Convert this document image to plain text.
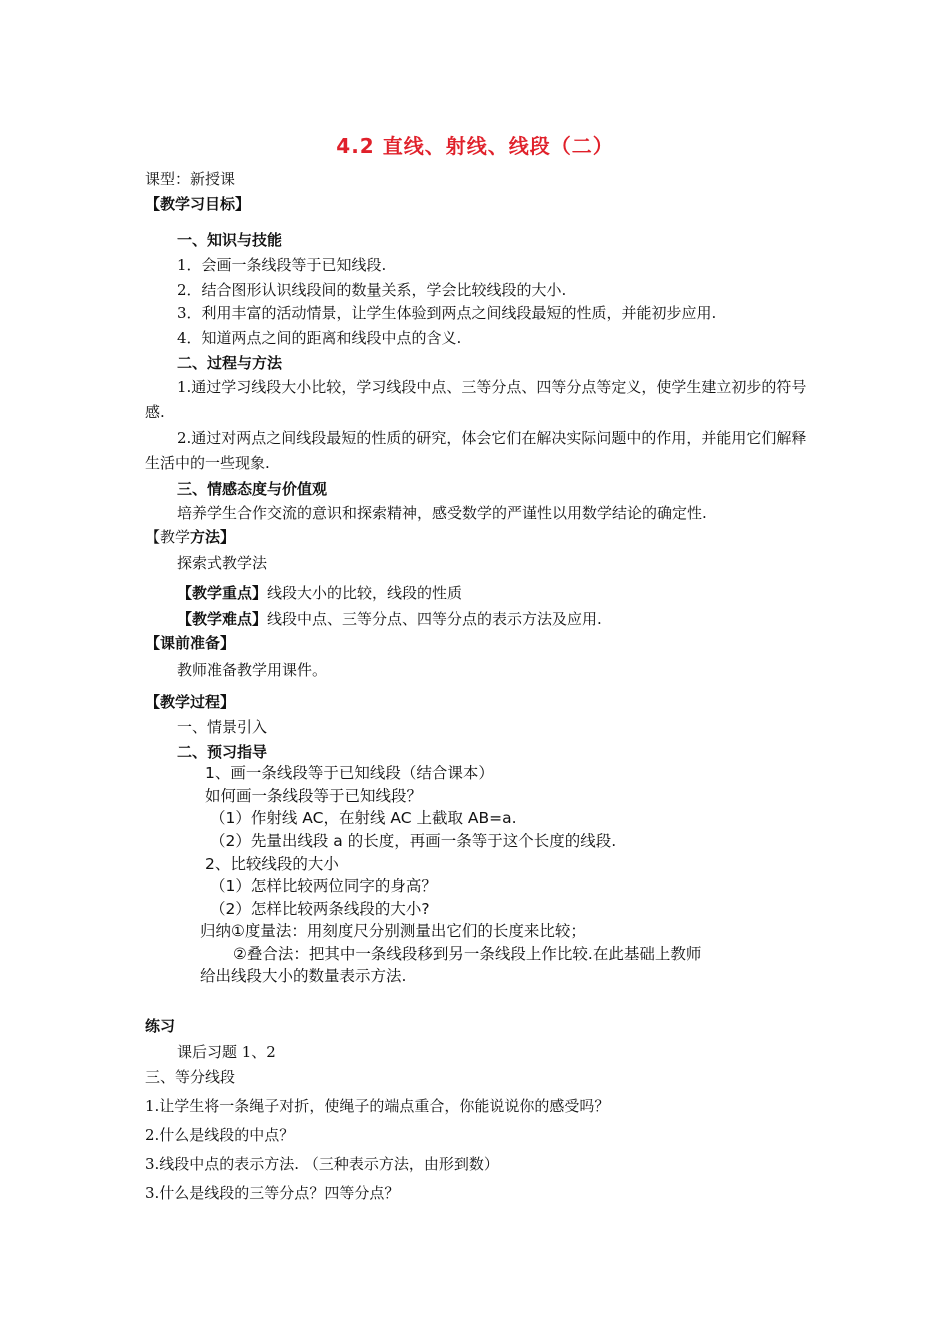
4.2 直线、射线、线段（二）
课型：新授课
【教学习目标】
一、知识与技能
1．会画一条线段等于已知线段.
2．结合图形认识线段间的数量关系，学会比较线段的大小.
3．利用丰富的活动情景，让学生体验到两点之间线段最短的性质，并能初步应用.
4．知道两点之间的距离和线段中点的含义.
二、过程与方法
1.通过学习线段大小比较，学习线段中点、三等分点、四等分点等定义，使学生建立初步的符号感.
2.通过对两点之间线段最短的性质的研究，体会它们在解决实际问题中的作用，并能用它们解释生活中的一些现象.
三、情感态度与价值观
培养学生合作交流的意识和探索精神，感受数学的严谨性以用数学结论的确定性.
【教学方法】
探索式教学法
【教学重点】线段大小的比较，线段的性质
【教学难点】线段中点、三等分点、四等分点的表示方法及应用.
【课前准备】
教师准备教学用课件。
【教学过程】
一、情景引入
二、预习指导
1、画一条线段等于已知线段（结合课本）
如何画一条线段等于已知线段？
（1）作射线 AC，在射线 AC 上截取 AB=a.
（2）先量出线段 a 的长度，再画一条等于这个长度的线段.
2、比较线段的大小
（1）怎样比较两位同字的身高？
（2）怎样比较两条线段的大小?
归纳①度量法：用刻度尺分别测量出它们的长度来比较；
②叠合法：把其中一条线段移到另一条线段上作比较.在此基础上教师
给出线段大小的数量表示方法.
练习
课后习题 1、2
三、等分线段
1.让学生将一条绳子对折，使绳子的端点重合，你能说说你的感受吗？
2.什么是线段的中点？
3.线段中点的表示方法. （三种表示方法，由形到数）
3.什么是线段的三等分点？四等分点？
